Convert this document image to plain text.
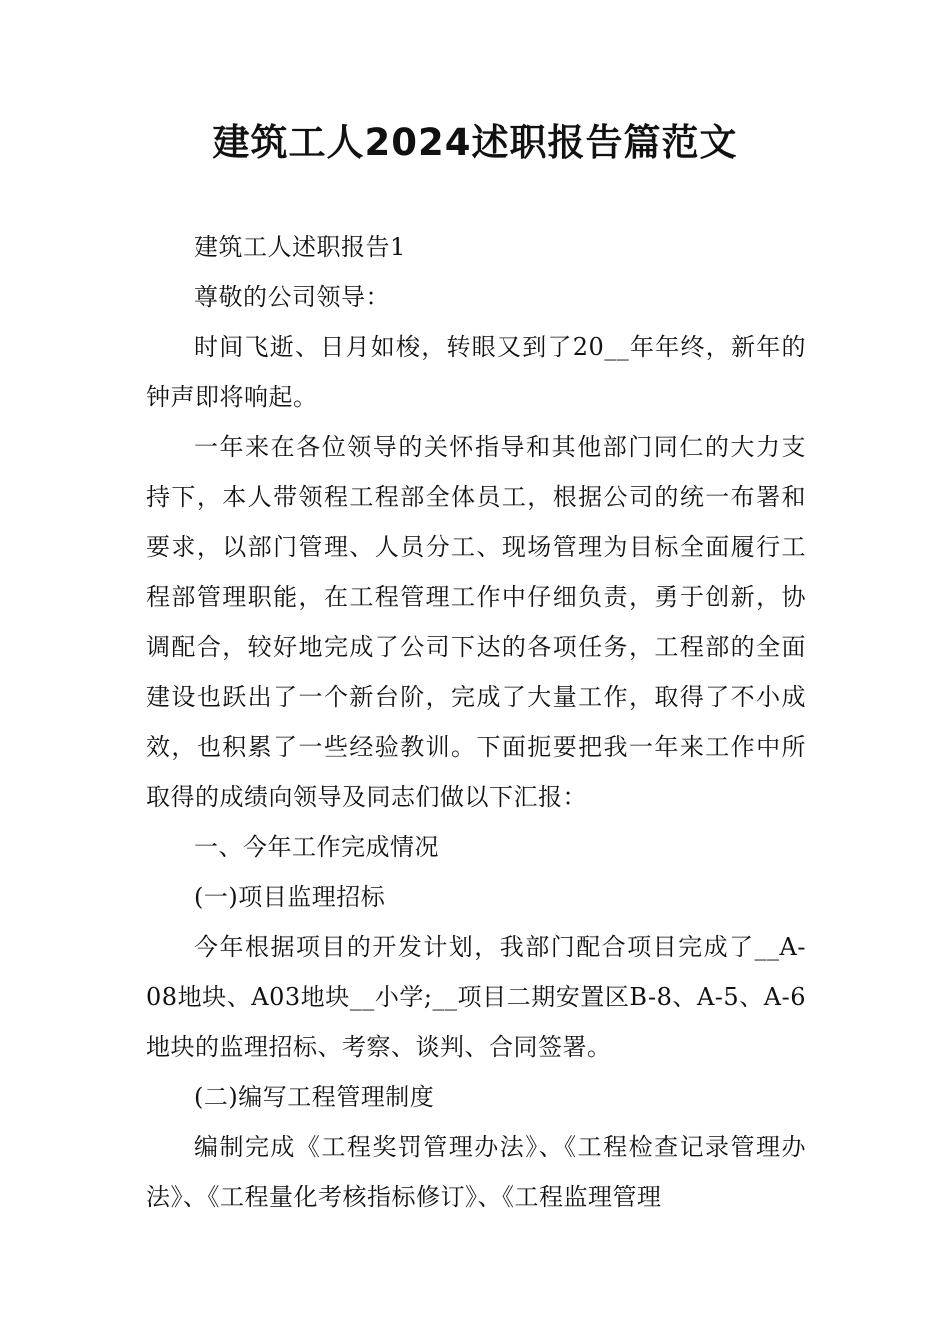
建筑工人2024述职报告篇范文

建筑工人述职报告1

尊敬的公司领导：

时间飞逝、日月如梭，转眼又到了20__年年终，新年的钟声即将响起。

一年来在各位领导的关怀指导和其他部门同仁的大力支持下，本人带领程工程部全体员工，根据公司的统一布署和要求，以部门管理、人员分工、现场管理为目标全面履行工程部管理职能，在工程管理工作中仔细负责，勇于创新，协调配合，较好地完成了公司下达的各项任务，工程部的全面建设也跃出了一个新台阶，完成了大量工作，取得了不小成效，也积累了一些经验教训。下面扼要把我一年来工作中所取得的成绩向领导及同志们做以下汇报：

一、今年工作完成情况

(一)项目监理招标

今年根据项目的开发计划，我部门配合项目完成了__A-08地块、A03地块__小学;__项目二期安置区B-8、A-5、A-6地块的监理招标、考察、谈判、合同签署。

(二)编写工程管理制度

编制完成《工程奖罚管理办法》、《工程检查记录管理办法》、《工程量化考核指标修订》、《工程监理管理
